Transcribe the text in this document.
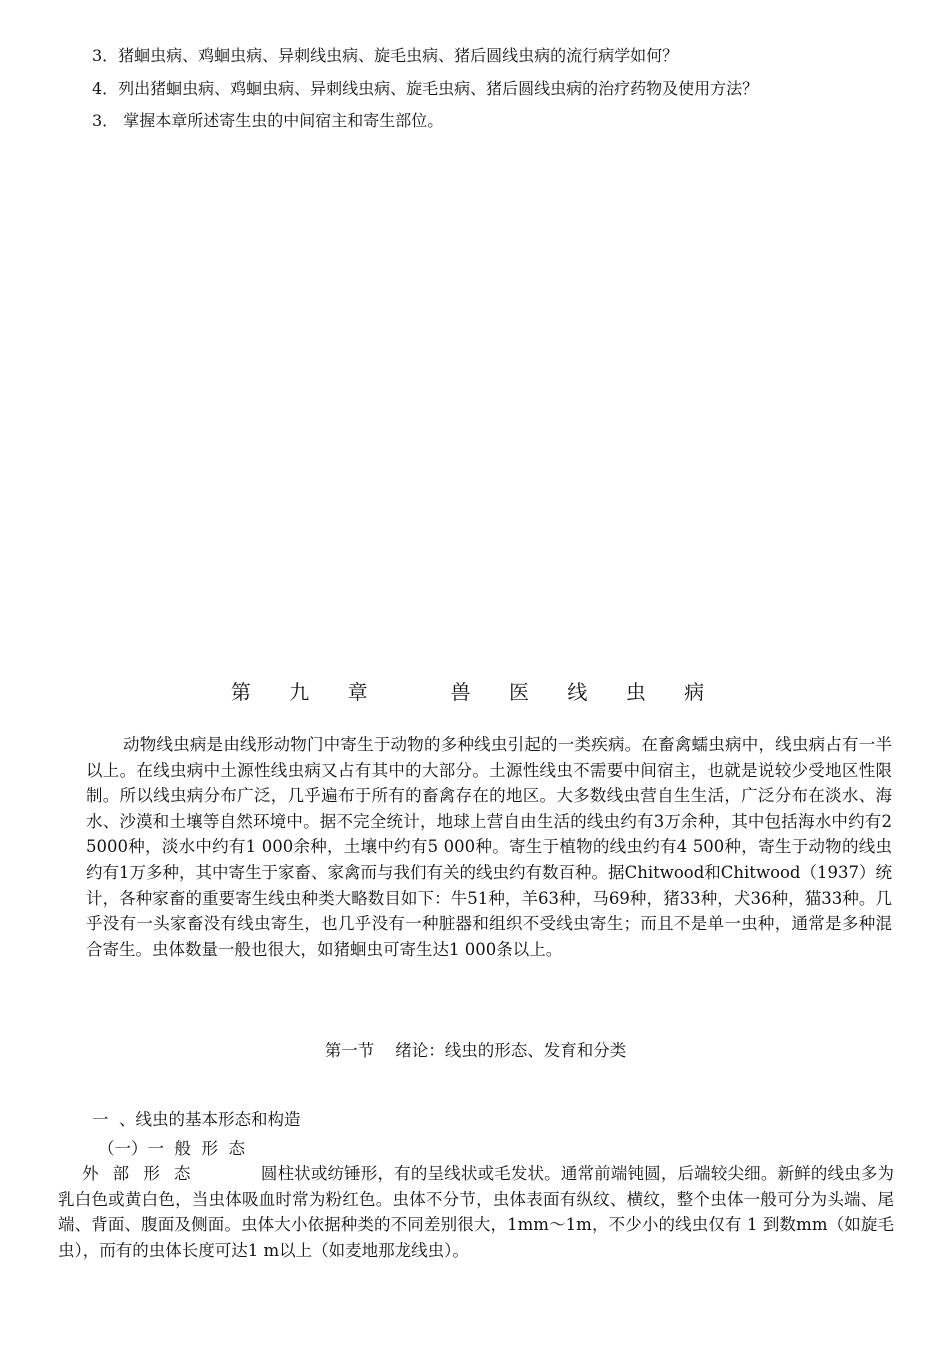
3．猪蛔虫病、鸡蛔虫病、异刺线虫病、旋毛虫病、猪后圆线虫病的流行病学如何？
4．列出猪蛔虫病、鸡蛔虫病、异刺线虫病、旋毛虫病、猪后圆线虫病的治疗药物及使用方法？
3． 掌握本章所述寄生虫的中间宿主和寄生部位。
第 九 章   兽 医 线 虫 病

动物线虫病是由线形动物门中寄生于动物的多种线虫引起的一类疾病。在畜禽蠕虫病中，线虫病占有一半以上。在线虫病中土源性线虫病又占有其中的大部分。土源性线虫不需要中间宿主，也就是说较少受地区性限制。所以线虫病分布广泛，几乎遍布于所有的畜禽存在的地区。大多数线虫营自生生活，广泛分布在淡水、海水、沙漠和土壤等自然环境中。据不完全统计，地球上营自由生活的线虫约有3万余种，其中包括海水中约有2 5000种，淡水中约有1 000余种，土壤中约有5 000种。寄生于植物的线虫约有4 500种，寄生于动物的线虫约有1万多种，其中寄生于家畜、家禽而与我们有关的线虫约有数百种。据Chitwood和Chitwood（1937）统计，各种家畜的重要寄生线虫种类大略数目如下：牛51种，羊63种，马69种，猪33种，犬36种，猫33种。几乎没有一头家畜没有线虫寄生，也几乎没有一种脏器和组织不受线虫寄生；而且不是单一虫种，通常是多种混合寄生。虫体数量一般也很大，如猪蛔虫可寄生达1 000条以上。

第一节    绪论：线虫的形态、发育和分类
一  、线虫的基本形态和构造
（一）一  般  形  态

外部形态	圆柱状或纺锤形，有的呈线状或毛发状。通常前端钝圆，后端较尖细。新鲜的线虫多为乳白色或黄白色，当虫体吸血时常为粉红色。虫体不分节，虫体表面有纵纹、横纹，整个虫体一般可分为头端、尾端、背面、腹面及侧面。虫体大小依据种类的不同差别很大，1mm～1m，不少小的线虫仅有 1 到数mm（如旋毛虫），而有的虫体长度可达1 m以上（如麦地那龙线虫）。
